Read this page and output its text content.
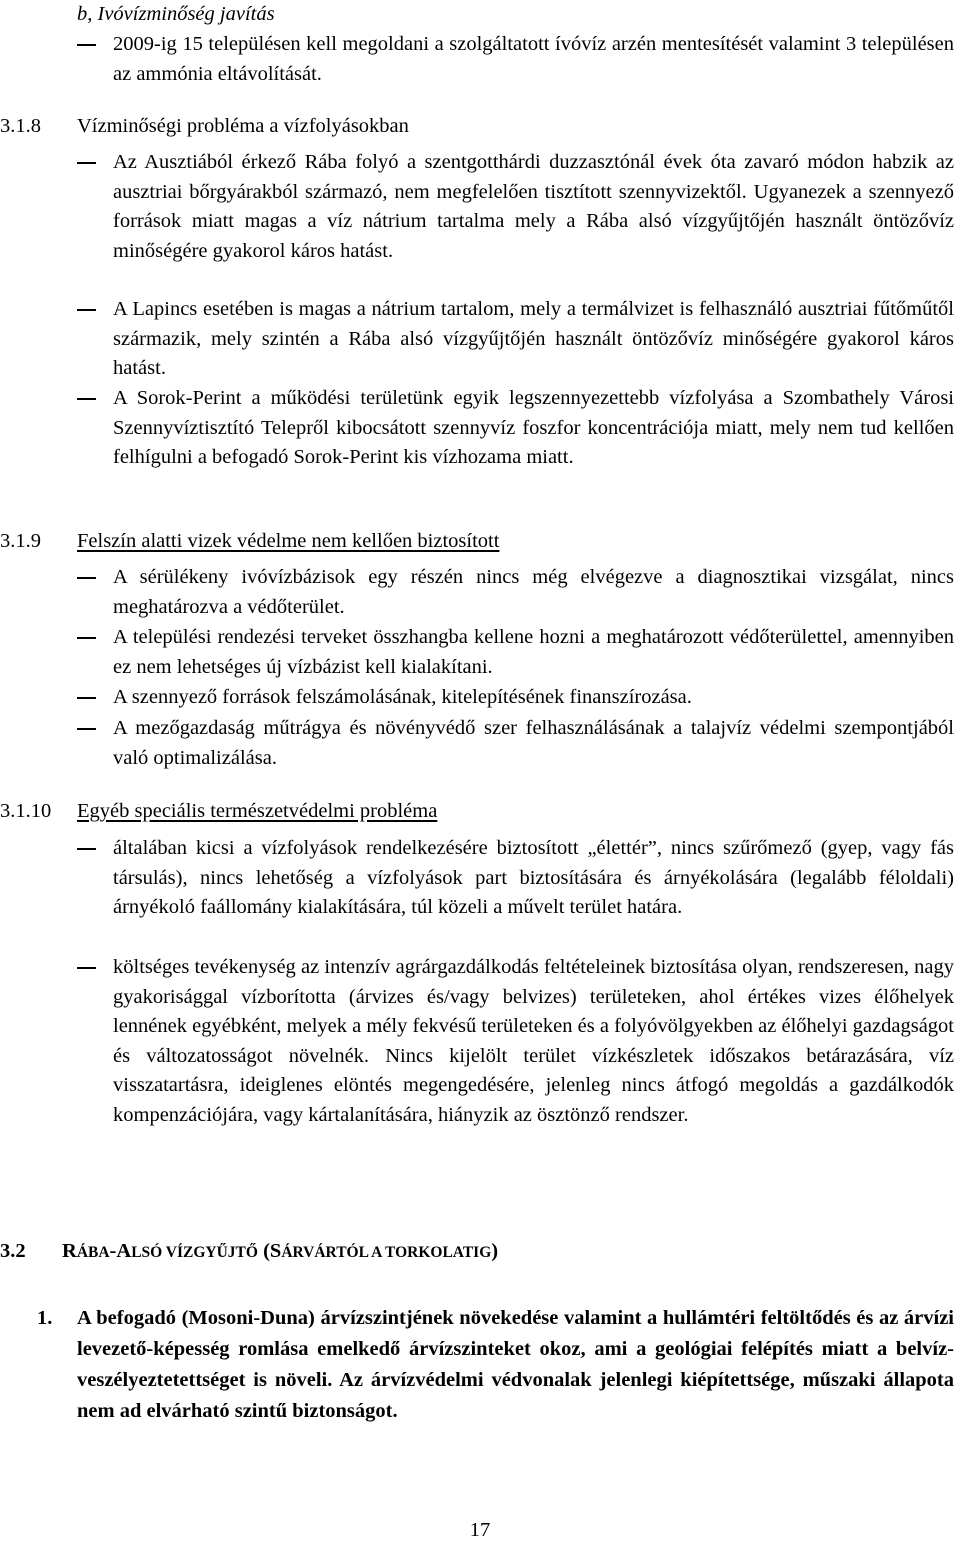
b, Ivóvízminőség javítás
2009-ig 15 településen kell megoldani a szolgáltatott ívóvíz arzén mentesítését valamint 3 településen az ammónia eltávolítását.
3.1.8 Vízminőségi probléma a vízfolyásokban
Az Ausztiából érkező Rába folyó a szentgotthárdi duzzasztónál évek óta zavaró módon habzik az ausztriai bőrgyárakból származó, nem megfelelően tisztított szennyvizektől. Ugyanezek a szennyező források miatt magas a víz nátrium tartalma mely a Rába alsó vízgyűjtőjén használt öntözővíz minőségére gyakorol káros hatást.
A Lapincs esetében is magas a nátrium tartalom, mely a termálvizet is felhasználó ausztriai fűtőműtől származik, mely szintén a Rába alsó vízgyűjtőjén használt öntözővíz minőségére gyakorol káros hatást.
A Sorok-Perint a működési területünk egyik legszennyezettebb vízfolyása a Szombathely Városi Szennyvíztisztító Telepről kibocsátott szennyvíz foszfor koncentrációja miatt, mely nem tud kellően felhígulni a befogadó Sorok-Perint kis vízhozama miatt.
3.1.9 Felszín alatti vizek védelme nem kellően biztosított
A sérülékeny ivóvízbázisok egy részén nincs még elvégezve a diagnosztikai vizsgálat, nincs meghatározva a védőterület.
A települési rendezési terveket összhangba kellene hozni a meghatározott védőterülettel, amennyiben ez nem lehetséges új vízbázist kell kialakítani.
A szennyező források felszámolásának, kitelepítésének finanszírozása.
A mezőgazdaság műtrágya és növényvédő szer felhasználásának a talajvíz védelmi szempontjából való optimalizálása.
3.1.10 Egyéb speciális természetvédelmi probléma
általában kicsi a vízfolyások rendelkezésére biztosított „élettér”, nincs szűrőmező (gyep, vagy fás társulás), nincs lehetőség a vízfolyások part biztosítására és árnyékolására (legalább féloldali) árnyékoló faállomány kialakítására, túl közeli a művelt terület határa.
költséges tevékenység az intenzív agrárgazdálkodás feltételeinek biztosítása olyan, rendszeresen, nagy gyakorisággal vízborította (árvizes és/vagy belvizes) területeken, ahol értékes vizes élőhelyek lennének egyébként, melyek a mély fekvésű területeken és a folyóvölgyekben az élőhelyi gazdagságot és változatosságot növelnék. Nincs kijelölt terület vízkészletek időszakos betárazására, víz visszatartásra, ideiglenes elöntés megengedésére, jelenleg nincs átfogó megoldás a gazdálkodók kompenzációjára, vagy kártalanítására, hiányzik az ösztönző rendszer.
3.2 RÁBA-ALSÓ VÍZGYŰJTŐ (SÁRVÁRTÓL A TORKOLATIG)
1. A befogadó (Mosoni-Duna) árvízszintjének növekedése valamint a hullámtéri feltöltődés és az árvízi levezető-képesség romlása emelkedő árvízszinteket okoz, ami a geológiai felépítés miatt a belvíz-veszélyeztetettséget is növeli. Az árvízvédelmi védvonalak jelenlegi kiépítettsége, műszaki állapota nem ad elvárható szintű biztonságot.
17
